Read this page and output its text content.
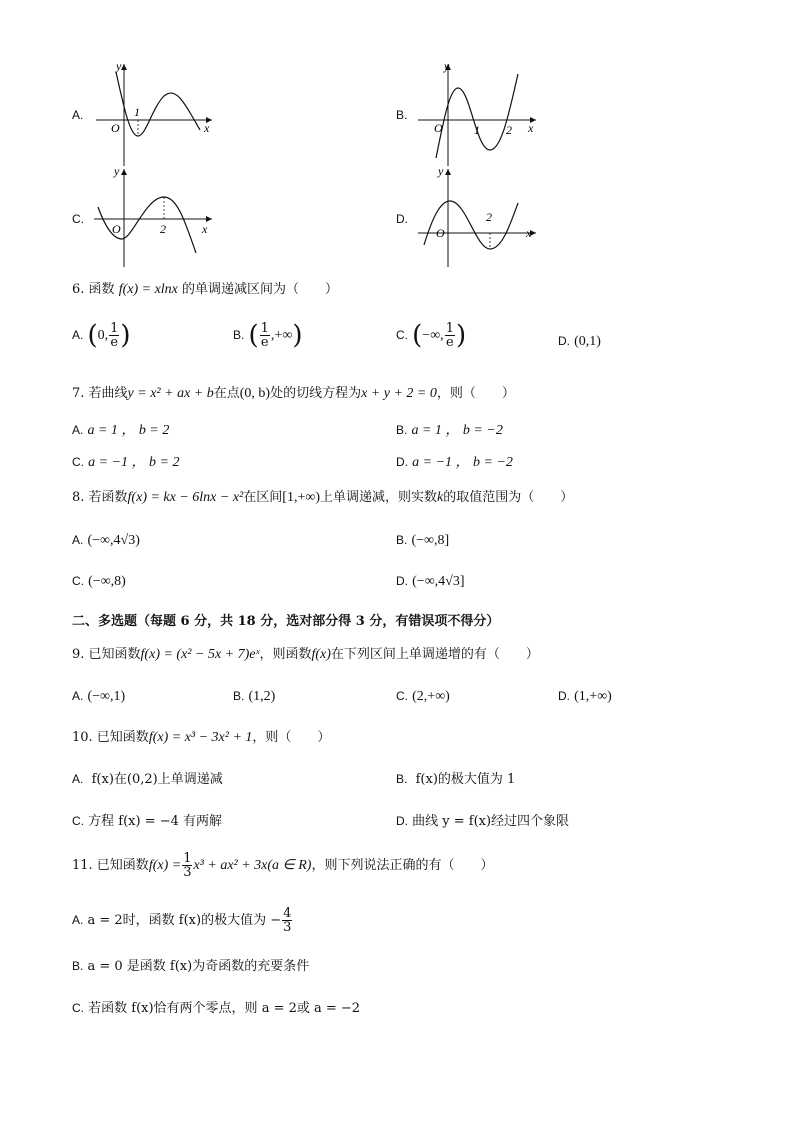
A.
y
x
O
1	B.
y
x
O	1 2
C.
y
x
O	2
D.
y
x
O
2
6. 函数 f(x) = xlnx 的单调递减区间为（　　）
A. (0, $\frac{1}{e}$ )	B. ( $\frac{1}{e}$ ,+∞)	C. (−∞, $\frac{1}{e}$ )	D. (0,1)
7. 若曲线y = x² + ax + b在点(0, b)处的切线方程为x + y + 2 = 0，则（　　）
A. a = 1 ， b = 2	B. a = 1 ， b = −2
C. a = −1 ， b = 2	D. a = −1 ， b = −2
8. 若函数f(x) = kx − 6lnx − x²在区间[1,+∞)上单调递减，则实数k的取值范围为（　　）
A. (−∞,4√3)	B. (−∞,8]
C. (−∞,8)	D. (−∞,4√3]
二、多选题（每题 6 分，共 18 分，选对部分得 3 分，有错误项不得分）
9. 已知函数f(x) = (x² − 5x + 7)eˣ，则函数f(x)在下列区间上单调递增的有（　　）
A. (−∞,1)	B. (1,2)	C. (2,+∞)	D. (1,+∞)
10. 已知函数f(x) = x³ − 3x² + 1，则（　　）
A. f(x)在(0,2)上单调递减	B. f(x)的极大值为 1
C. 方程 f(x) = −4 有两解	D. 曲线 y = f(x)经过四个象限
11. 已知函数$f(x) = \frac{1}{3} x^3 + ax^2 + 3x(a$ ∈ R)，则下列说法正确的有（　　）
A. a = 2时，函数 f(x)的极大值为 − $\frac{4}{3}$
B. a = 0 是函数 f(x)为奇函数的充要条件
C. 若函数 f(x)恰有两个零点，则 a = 2或 a = −2
